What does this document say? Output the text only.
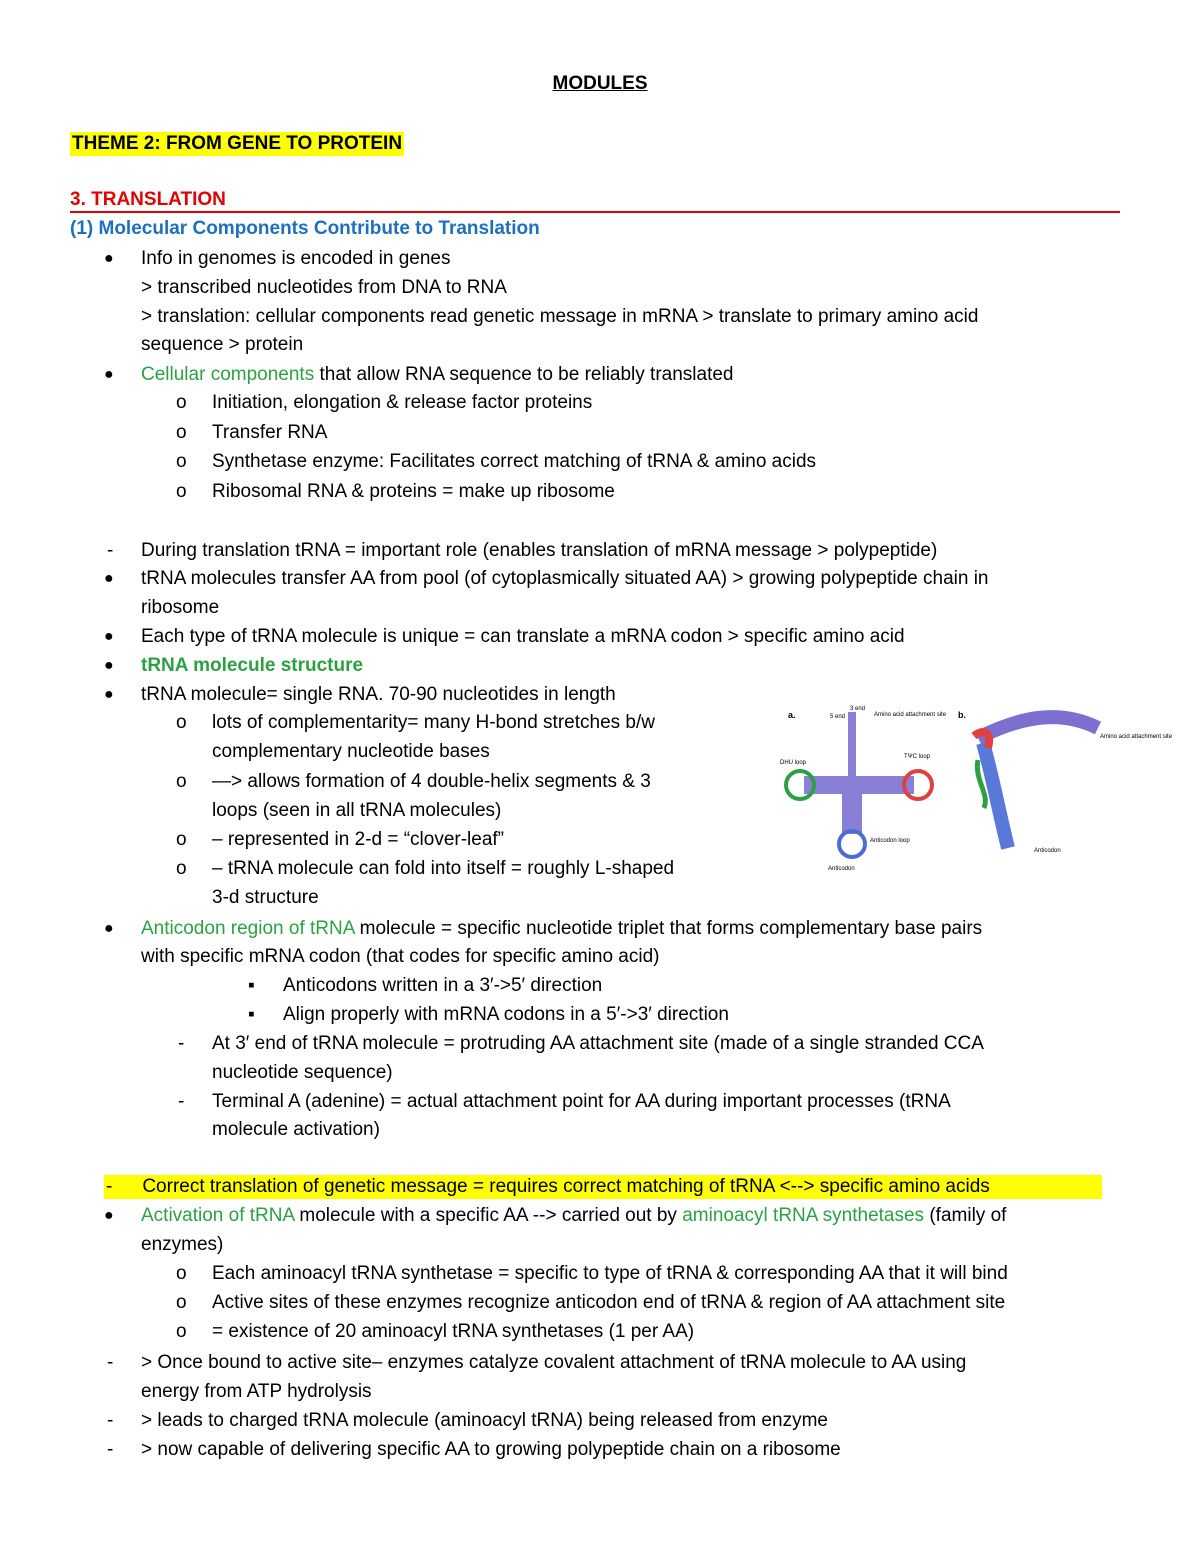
MODULES
THEME 2: FROM GENE TO PROTEIN
3. TRANSLATION
(1) Molecular Components Contribute to Translation
● Info in genomes is encoded in genes
> transcribed nucleotides from DNA to RNA
> translation: cellular components read genetic message in mRNA > translate to primary amino acid
sequence > protein
● Cellular components that allow RNA sequence to be reliably translated
o Initiation, elongation & release factor proteins
o Transfer RNA
o Synthetase enzyme: Facilitates correct matching of tRNA & amino acids
o Ribosomal RNA & proteins = make up ribosome
- During translation tRNA = important role (enables translation of mRNA message > polypeptide)
● tRNA molecules transfer AA from pool (of cytoplasmically situated AA) > growing polypeptide chain in
ribosome
● Each type of tRNA molecule is unique = can translate a mRNA codon > specific amino acid
● tRNA molecule structure
● tRNA molecule= single RNA. 70-90 nucleotides in length
o lots of complementarity= many H-bond stretches b/w
complementary nucleotide bases
o —> allows formation of 4 double-helix segments & 3
loops (seen in all tRNA molecules)
o – represented in 2-d = “clover-leaf”
o – tRNA molecule can fold into itself = roughly L-shaped
3-d structure
a.	5 end
3 end
Amino acid attachment site
DHU loop
TΨC loop
Anticodon loop
Anticodon
b.
Amino acid attachment site
Anticodon
● Anticodon region of tRNA molecule = specific nucleotide triplet that forms complementary base pairs
with specific mRNA codon (that codes for specific amino acid)
▪ Anticodons written in a 3′->5′ direction
▪ Align properly with mRNA codons in a 5′->3′ direction
- At 3′ end of tRNA molecule = protruding AA attachment site (made of a single stranded CCA
nucleotide sequence)
- Terminal A (adenine) = actual attachment point for AA during important processes (tRNA
molecule activation)
- Correct translation of genetic message = requires correct matching of tRNA <--> specific amino acids
● Activation of tRNA molecule with a specific AA --> carried out by aminoacyl tRNA synthetases (family of
enzymes)
o Each aminoacyl tRNA synthetase = specific to type of tRNA & corresponding AA that it will bind
o Active sites of these enzymes recognize anticodon end of tRNA & region of AA attachment site
o = existence of 20 aminoacyl tRNA synthetases (1 per AA)
- > Once bound to active site– enzymes catalyze covalent attachment of tRNA molecule to AA using
energy from ATP hydrolysis
- > leads to charged tRNA molecule (aminoacyl tRNA) being released from enzyme
- > now capable of delivering specific AA to growing polypeptide chain on a ribosome
